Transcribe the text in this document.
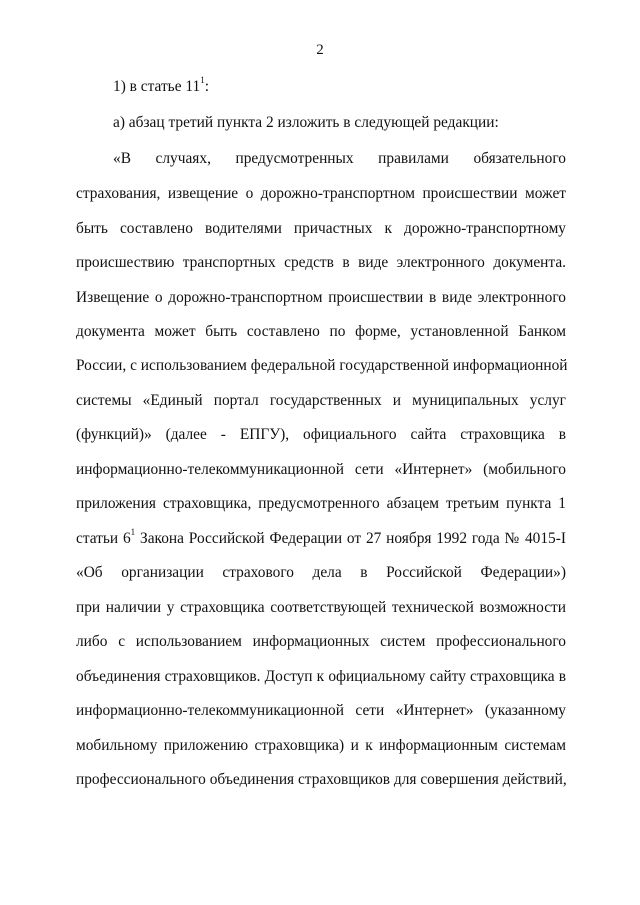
2
1) в статье $11^1$:
а) абзац третий пункта 2 изложить в следующей редакции:
«В случаях, предусмотренных правилами обязательного
страхования, извещение о дорожно-транспортном происшествии может
быть составлено водителями причастных к дорожно-транспортному
происшествию транспортных средств в виде электронного документа.
Извещение о дорожно-транспортном происшествии в виде электронного
документа может быть составлено по форме, установленной Банком
России, с использованием федеральной государственной информационной
системы «Единый портал государственных и муниципальных услуг
(функций)» (далее - ЕПГУ), официального сайта страховщика в
информационно-телекоммуникационной сети «Интернет» (мобильного
приложения страховщика, предусмотренного абзацем третьим пункта 1
статьи $6^1$ Закона Российской Федерации от 27 ноября 1992 года № 4015-I
«Об организации страхового дела в Российской Федерации»)
при наличии у страховщика соответствующей технической возможности
либо с использованием информационных систем профессионального
объединения страховщиков. Доступ к официальному сайту страховщика в
информационно-телекоммуникационной сети «Интернет» (указанному
мобильному приложению страховщика) и к информационным системам
профессионального объединения страховщиков для совершения действий,
